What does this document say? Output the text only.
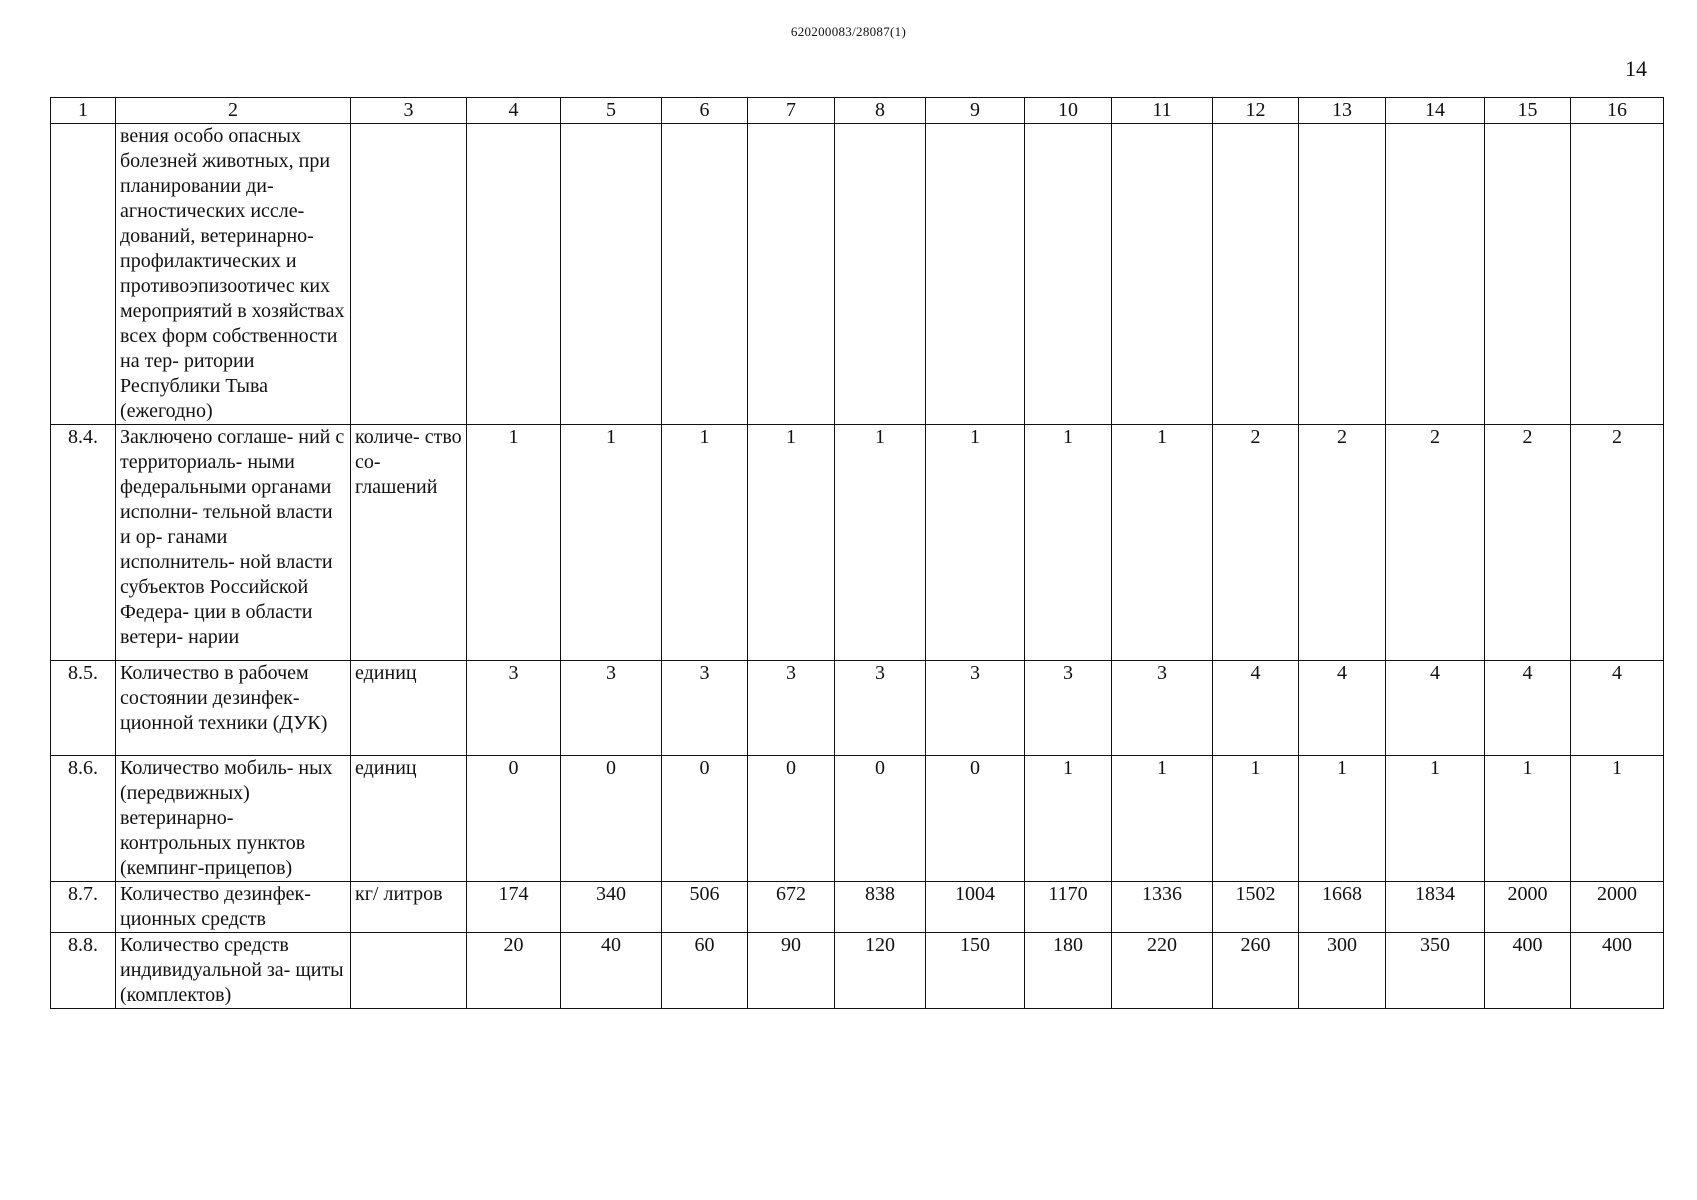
620200083/28087(1)
14
1	2	3	4	5	6	7	8	9	10	11	12	13	14	15	16
	вения особо опасных болезней животных, при планировании ди- агностических иссле- дований, ветеринарно- профилактических и противоэпизоотичес ких мероприятий в хозяйствах всех форм собственности на тер- ритории Республики Тыва (ежегодно)														
8.4.	Заключено соглаше- ний с территориаль- ными федеральными органами исполни- тельной власти и ор- ганами исполнитель- ной власти субъектов Российской Федера- ции в области ветери- нарии	количе- ство со- глашений	1	1	1	1	1	1	1	1	2	2	2	2	2
8.5.	Количество в рабочем состоянии дезинфек- ционной техники (ДУК)	единиц	3	3	3	3	3	3	3	3	4	4	4	4	4
8.6.	Количество мобиль- ных (передвижных) ветеринарно- контрольных пунктов (кемпинг-прицепов)	единиц	0	0	0	0	0	0	1	1	1	1	1	1	1
8.7.	Количество дезинфек- ционных средств	кг/ литров	174	340	506	672	838	1004	1170	1336	1502	1668	1834	2000	2000
8.8.	Количество средств индивидуальной за- щиты (комплектов)		20	40	60	90	120	150	180	220	260	300	350	400	400
